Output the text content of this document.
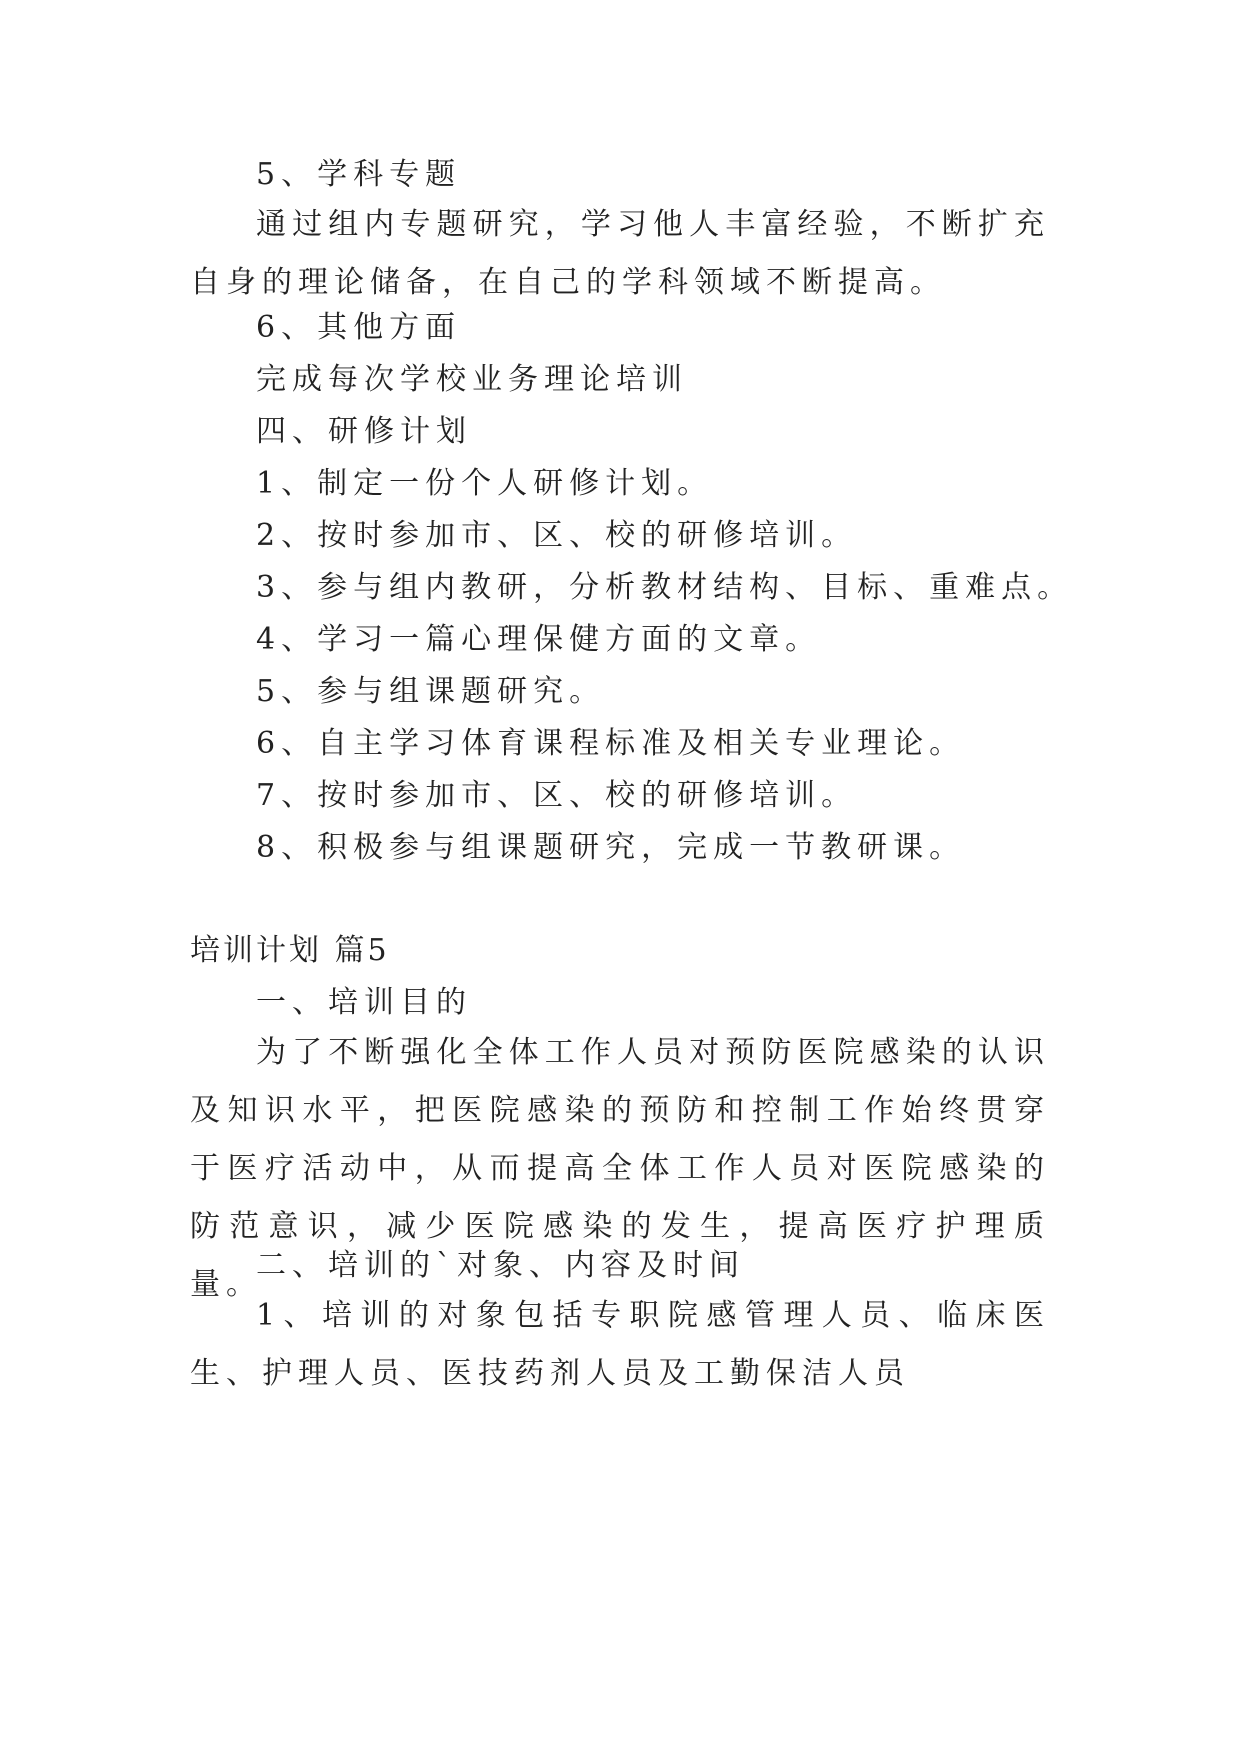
5、学科专题

通过组内专题研究，学习他人丰富经验，不断扩充自身的理论储备，在自己的学科领域不断提高。

6、其他方面
完成每次学校业务理论培训
四、研修计划
1、制定一份个人研修计划。
2、按时参加市、区、校的研修培训。
3、参与组内教研，分析教材结构、目标、重难点。
4、学习一篇心理保健方面的文章。
5、参与组课题研究。
6、自主学习体育课程标准及相关专业理论。
7、按时参加市、区、校的研修培训。
8、积极参与组课题研究，完成一节教研课。
培训计划 篇5
一、培训目的

为了不断强化全体工作人员对预防医院感染的认识及知识水平，把医院感染的预防和控制工作始终贯穿于医疗活动中，从而提高全体工作人员对医院感染的防范意识，减少医院感染的发生，提高医疗护理质量。

二、培训的`对象、内容及时间

1、培训的对象包括专职院感管理人员、临床医生、护理人员、医技药剂人员及工勤保洁人员
